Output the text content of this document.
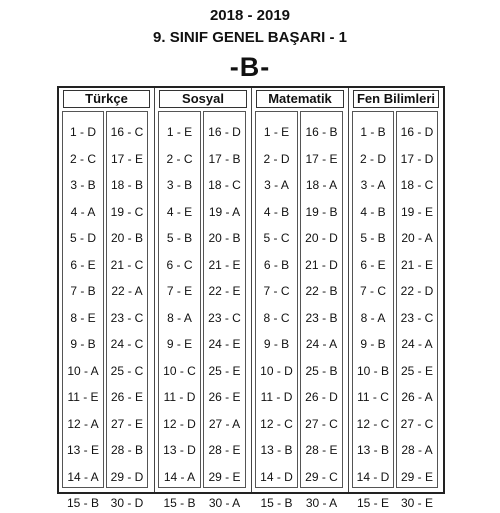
2018 - 2019
9. SINIF GENEL BAŞARI - 1
-B-
Türkçe
1 - D
2 - C
3 - B
4 - A
5 - D
6 - E
7 - B
8 - E
9 - B
10 - A
11 - E
12 - A
13 - E
14 - A
15 - B
16 - C
17 - E
18 - B
19 - C
20 - B
21 - C
22 - A
23 - C
24 - C
25 - C
26 - E
27 - E
28 - B
29 - D
30 - D
Sosyal
1 - E
2 - C
3 - B
4 - E
5 - B
6 - C
7 - E
8 - A
9 - E
10 - C
11 - D
12 - D
13 - D
14 - A
15 - B
16 - D
17 - B
18 - C
19 - A
20 - B
21 - E
22 - E
23 - C
24 - E
25 - E
26 - E
27 - A
28 - E
29 - E
30 - A
Matematik
1 - E
2 - D
3 - A
4 - B
5 - C
6 - B
7 - C
8 - C
9 - B
10 - D
11 - D
12 - C
13 - B
14 - D
15 - B
16 - B
17 - E
18 - A
19 - B
20 - D
21 - D
22 - B
23 - B
24 - A
25 - B
26 - D
27 - C
28 - E
29 - C
30 - A
Fen Bilimleri
1 - B
2 - D
3 - A
4 - B
5 - B
6 - E
7 - C
8 - A
9 - B
10 - B
11 - C
12 - C
13 - B
14 - D
15 - E
16 - D
17 - D
18 - C
19 - E
20 - A
21 - E
22 - D
23 - C
24 - A
25 - E
26 - A
27 - C
28 - A
29 - E
30 - E
